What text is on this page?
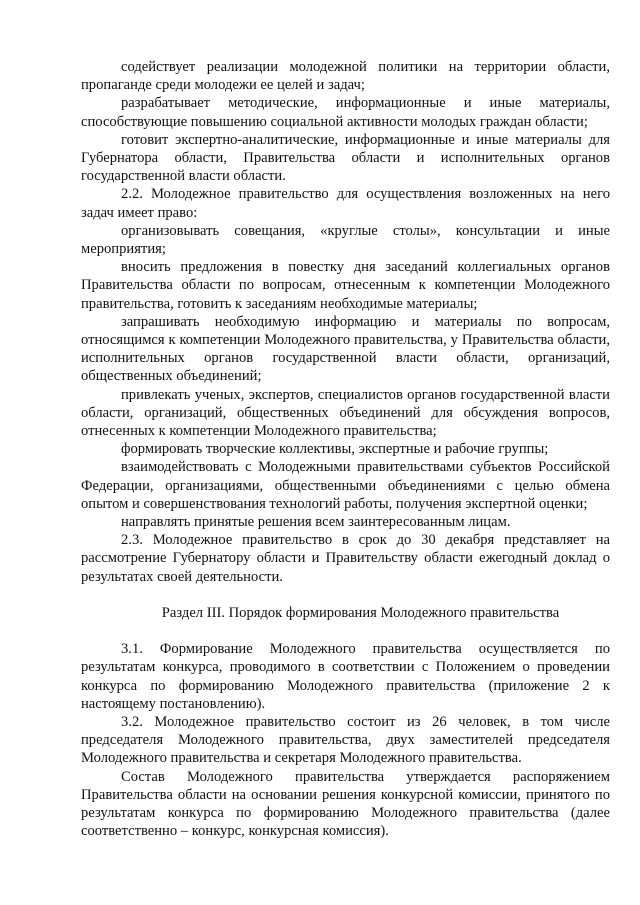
содействует реализации молодежной политики на территории области, пропаганде среди молодежи ее целей и задач;

разрабатывает методические, информационные и иные материалы, способствующие повышению социальной активности молодых граждан области;

готовит экспертно-аналитические, информационные и иные материалы для Губернатора области, Правительства области и исполнительных органов государственной власти области.

2.2. Молодежное правительство для осуществления возложенных на него задач имеет право:

организовывать совещания, «круглые столы», консультации и иные мероприятия;

вносить предложения в повестку дня заседаний коллегиальных органов Правительства области по вопросам, отнесенным к компетенции Молодежного правительства, готовить к заседаниям необходимые материалы;

запрашивать необходимую информацию и материалы по вопросам, относящимся к компетенции Молодежного правительства, у Правительства области, исполнительных органов государственной власти области, организаций, общественных объединений;

привлекать ученых, экспертов, специалистов органов государственной власти области, организаций, общественных объединений для обсуждения вопросов, отнесенных к компетенции Молодежного правительства;

формировать творческие коллективы, экспертные и рабочие группы;

взаимодействовать с Молодежными правительствами субъектов Российской Федерации, организациями, общественными объединениями с целью обмена опытом и совершенствования технологий работы, получения экспертной оценки;

направлять принятые решения всем заинтересованным лицам.

2.3. Молодежное правительство в срок до 30 декабря представляет на рассмотрение Губернатору области и Правительству области ежегодный доклад о результатах своей деятельности.

Раздел III. Порядок формирования Молодежного правительства

3.1. Формирование Молодежного правительства осуществляется по результатам конкурса, проводимого в соответствии с Положением о проведении конкурса по формированию Молодежного правительства (приложение 2 к настоящему постановлению).

3.2. Молодежное правительство состоит из 26 человек, в том числе председателя Молодежного правительства, двух заместителей председателя Молодежного правительства и секретаря Молодежного правительства.

Состав Молодежного правительства утверждается распоряжением Правительства области на основании решения конкурсной комиссии, принятого по результатам конкурса по формированию Молодежного правительства (далее соответственно – конкурс, конкурсная комиссия).
